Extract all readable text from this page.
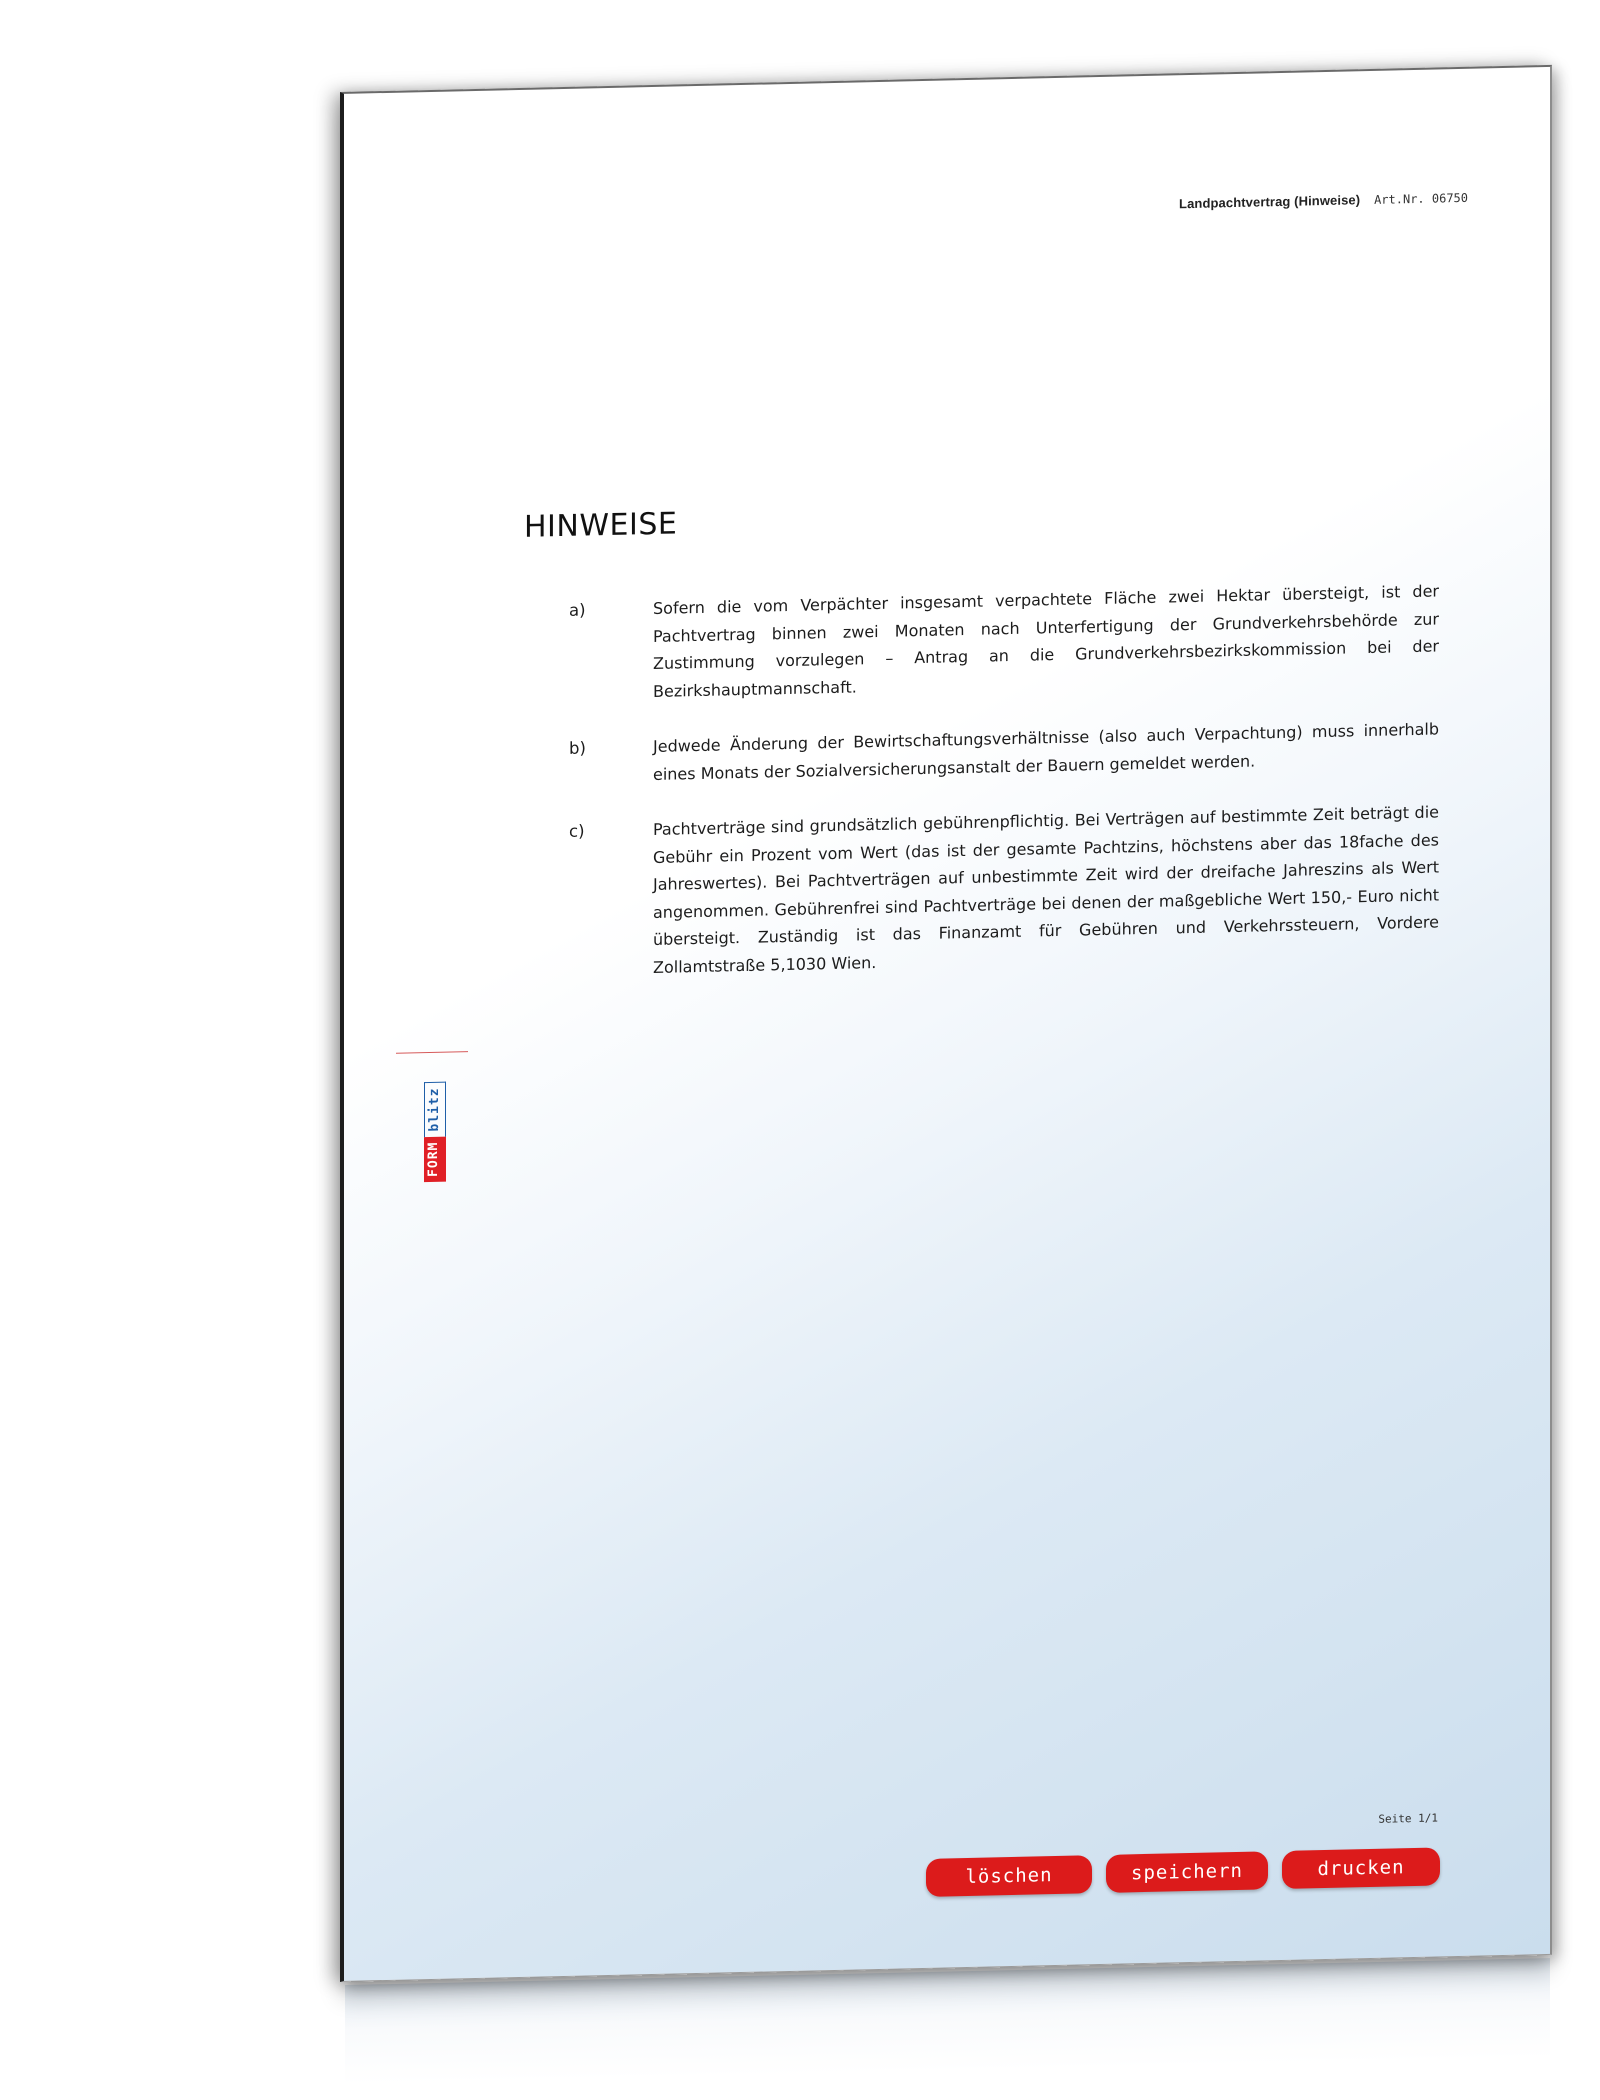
Landpachtvertrag (Hinweise) Art.Nr. 06750
HINWEISE
a)	Sofern die vom Verpächter insgesamt verpachtete Fläche zwei Hektar übersteigt, ist der Pachtvertrag binnen zwei Monaten nach Unterfertigung der Grundverkehrsbehörde zur Zustimmung vorzulegen – Antrag an die Grundverkehrsbezirkskommission bei der Bezirkshauptmannschaft.
b)	Jedwede Änderung der Bewirtschaftungsverhältnisse (also auch Verpachtung) muss innerhalb eines Monats der Sozialversicherungsanstalt der Bauern gemeldet werden.
c)	Pachtverträge sind grundsätzlich gebührenpflichtig. Bei Verträgen auf bestimmte Zeit beträgt die Gebühr ein Prozent vom Wert (das ist der gesamte Pachtzins, höchstens aber das 18fache des Jahreswertes). Bei Pachtverträgen auf unbestimmte Zeit wird der dreifache Jahreszins als Wert angenommen. Gebührenfrei sind Pachtverträge bei denen der maßgebliche Wert 150,- Euro nicht übersteigt. Zuständig ist das Finanzamt für Gebühren und Verkehrssteuern, Vordere Zollamtstraße 5,1030 Wien.
FORM
blitz
Seite 1/1
löschen	speichern	drucken
